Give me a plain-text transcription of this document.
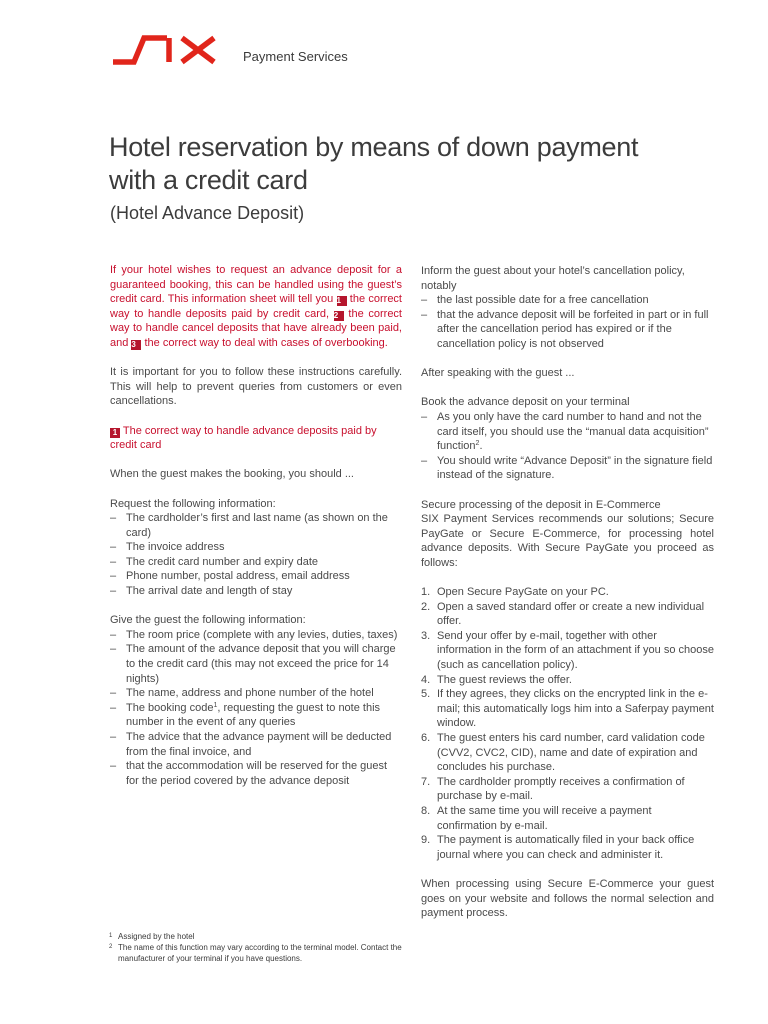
Payment Services
Hotel reservation by means of down payment
with a credit card
(Hotel Advance Deposit)

If your hotel wishes to request an advance deposit for a guaranteed booking, this can be handled using the guest’s credit card. This information sheet will tell you 1 the correct way to handle deposits paid by credit card, 2 the correct way to handle cancel deposits that have already been paid, and 3 the correct way to deal with cases of overbooking.

It is important for you to follow these instructions carefully. This will help to prevent queries from customers or even cancellations.

1 The correct way to handle advance deposits paid by credit card

When the guest makes the booking, you should ...

Request the following information:

– The cardholder’s first and last name (as shown on the card)
– The invoice address
– The credit card number and expiry date
– Phone number, postal address, email address
– The arrival date and length of stay

Give the guest the following information:

– The room price (complete with any levies, duties, taxes)
– The amount of the advance deposit that you will charge to the credit card (this may not exceed the price for 14 nights)
– The name, address and phone number of the hotel
– The booking code$^1$, requesting the guest to note this number in the event of any queries
– The advice that the advance payment will be deducted from the final invoice, and
– that the accommodation will be reserved for the guest for the period covered by the advance deposit

Inform the guest about your hotel’s cancellation policy, notably

– the last possible date for a free cancellation
– that the advance deposit will be forfeited in part or in full after the cancellation period has expired or if the cancellation policy is not observed

After speaking with the guest ...

Book the advance deposit on your terminal

– As you only have the card number to hand and not the card itself, you should use the “manual data acquisition” function$^2$.
– You should write “Advance Deposit” in the signature field instead of the signature.

Secure processing of the deposit in E-Commerce

SIX Payment Services recommends our solutions; Secure PayGate or Secure E-Commerce, for processing hotel advance deposits. With Secure PayGate you proceed as follows:

1. Open Secure PayGate on your PC.
2. Open a saved standard offer or create a new individual offer.
3. Send your offer by e-mail, together with other information in the form of an attachment if you so choose (such as cancellation policy).
4. The guest reviews the offer.
5. If they agrees, they clicks on the encrypted link in the e-mail; this automatically logs him into a Saferpay payment window.
6. The guest enters his card number, card validation code (CVV2, CVC2, CID), name and date of expiration and concludes his purchase.
7. The cardholder promptly receives a confirmation of purchase by e-mail.
8. At the same time you will receive a payment confirmation by e-mail.
9. The payment is automatically filed in your back office journal where you can check and administer it.

When processing using Secure E-Commerce your guest goes on your website and follows the normal selection and payment process.

1 Assigned by the hotel
2 The name of this function may vary according to the terminal model. Contact the manufacturer of your terminal if you have questions.
